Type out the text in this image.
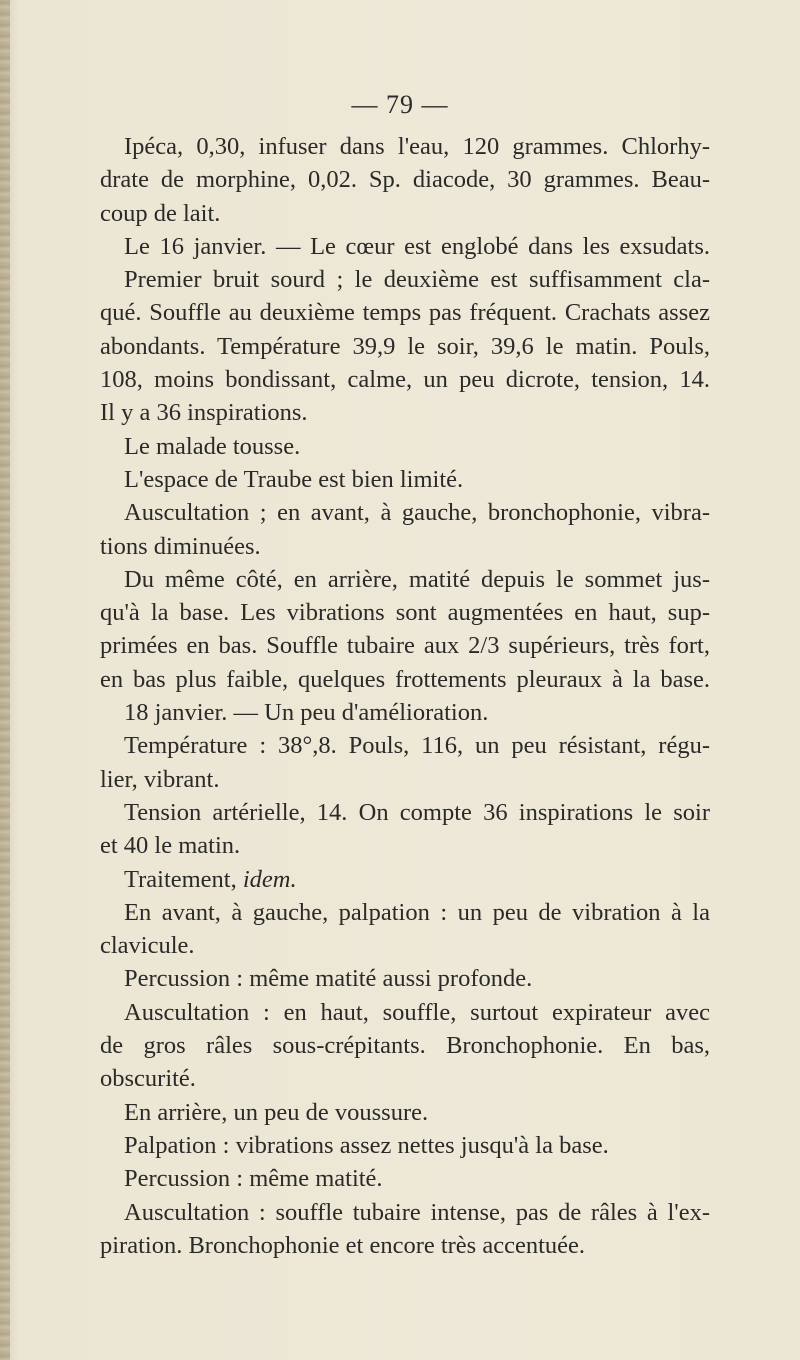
— 79 —
Ipéca, 0,30, infuser dans l'eau, 120 grammes. Chlorhy-
drate de morphine, 0,02. Sp. diacode, 30 grammes. Beau-
coup de lait.
Le 16 janvier. — Le cœur est englobé dans les exsudats.
Premier bruit sourd ; le deuxième est suffisamment cla-
qué. Souffle au deuxième temps pas fréquent. Crachats assez
abondants. Température 39,9 le soir, 39,6 le matin. Pouls,
108, moins bondissant, calme, un peu dicrote, tension, 14.
Il y a 36 inspirations.
Le malade tousse.
L'espace de Traube est bien limité.
Auscultation ; en avant, à gauche, bronchophonie, vibra-
tions diminuées.
Du même côté, en arrière, matité depuis le sommet jus-
qu'à la base. Les vibrations sont augmentées en haut, sup-
primées en bas. Souffle tubaire aux 2/3 supérieurs, très fort,
en bas plus faible, quelques frottements pleuraux à la base.
18 janvier. — Un peu d'amélioration.
Température : 38°,8. Pouls, 116, un peu résistant, régu-
lier, vibrant.
Tension artérielle, 14. On compte 36 inspirations le soir
et 40 le matin.
Traitement, idem.
En avant, à gauche, palpation : un peu de vibration à la
clavicule.
Percussion : même matité aussi profonde.
Auscultation : en haut, souffle, surtout expirateur avec
de gros râles sous-crépitants. Bronchophonie. En bas,
obscurité.
En arrière, un peu de voussure.
Palpation : vibrations assez nettes jusqu'à la base.
Percussion : même matité.
Auscultation : souffle tubaire intense, pas de râles à l'ex-
piration. Bronchophonie et encore très accentuée.
